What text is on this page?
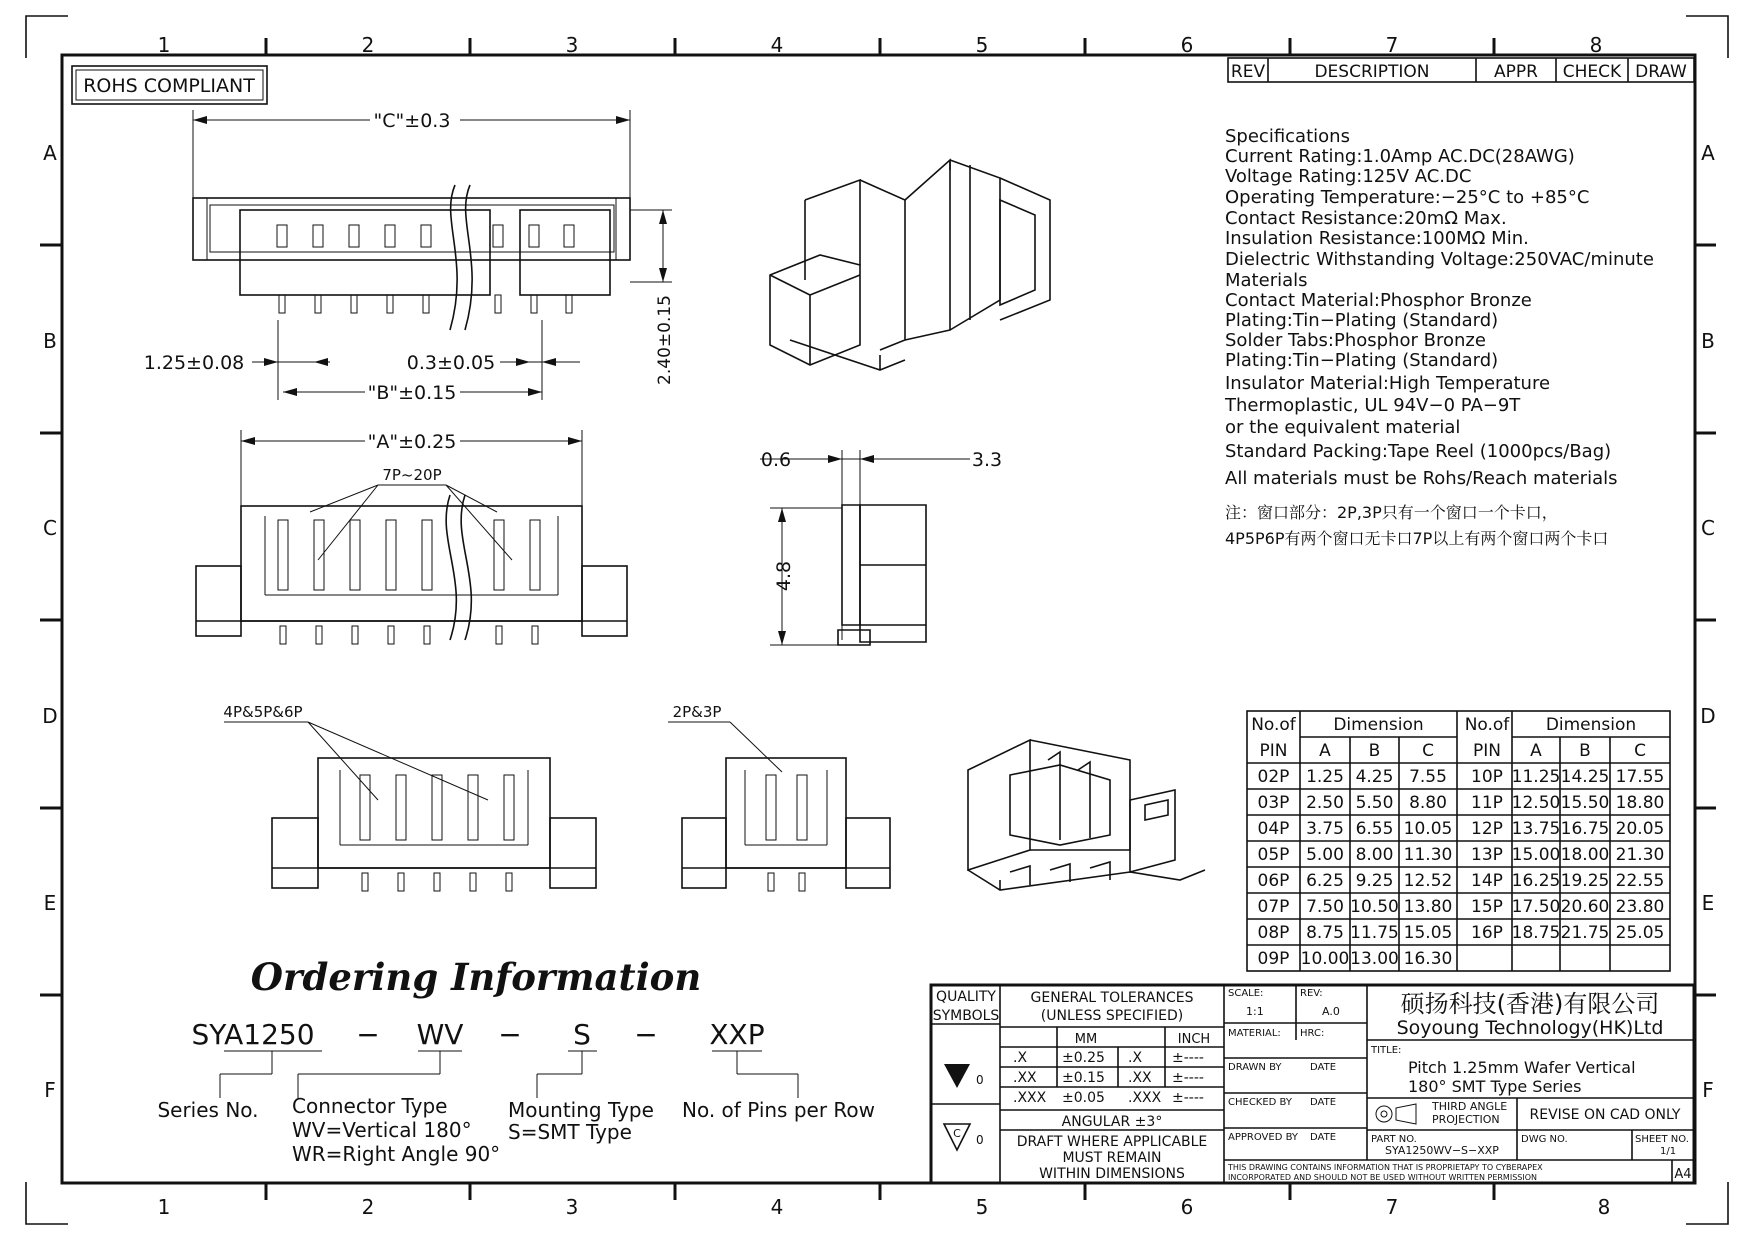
1	2	3	4	5	6	7	8
1	2	3	4	5	6	7	8
A
B
C
D
E
F
A
B
C
D
E
F
ROHS COMPLIANT
REV	DESCRIPTION	APPR CHECK DRAW
"C"±0.3
2.40±0.15
1.25±0.08	0.3±0.05
"B"±0.15
"A"±0.25
7P~20P
4P&5P&6P	2P&3P
0.6	3.3
4.8
Specifications
Current Rating:1.0Amp AC.DC(28AWG)
Voltage Rating:125V AC.DC
Operating Temperature:−25°C to +85°C
Contact Resistance:20mΩ Max.
Insulation Resistance:100MΩ Min.
Dielectric Withstanding Voltage:250VAC/minute
Materials
Contact Material:Phosphor Bronze
Plating:Tin−Plating (Standard)
Solder Tabs:Phosphor Bronze
Plating:Tin−Plating (Standard)
Insulator Material:High Temperature
Thermoplastic, UL 94V−0 PA−9T
or the equivalent material
Standard Packing:Tape Reel (1000pcs/Bag)
All materials must be Rohs/Reach materials
注：窗口部分：2P,3P只有一个窗口一个卡口，
4P5P6P有两个窗口无卡口7P以上有两个窗口两个卡口
No.of Dimension
PIN A B C
02P 1.25 4.25 7.55
03P 2.50 5.50 8.80
04P 3.75 6.55 10.05
05P 5.00 8.00 11.30
06P 6.25 9.25 12.52
07P 7.50 10.50 13.80
08P 8.75 11.75 15.05
09P 10.00 13.00 16.30
No.of Dimension
PIN A B	C
10P 11.25 14.25 17.55
11P 12.50 15.50 18.80
12P 13.75 16.75 20.05
13P 15.00 18.00 21.30
14P 16.25 19.25 22.55
15P 17.50 20.60 23.80
16P 18.75 21.75 25.05
Ordering Information
SYA1250 − WV − S − XXP
Series No. Connector Type
WV=Vertical 180°
WR=Right Angle 90°
Mounting Type
S=SMT Type
No. of Pins per Row
QUALITY
SYMBOLS
GENERAL TOLERANCES
(UNLESS SPECIFIED)
MM	INCH
.X ±0.25 .X ±----
.XX ±0.15 .XX ±----
.XXX ±0.05 .XXX ±----
ANGULAR ±3°
DRAFT WHERE APPLICABLE
MUST REMAIN
WITHIN DIMENSIONS
0
C 0
SCALE:
1:1
REV:
A.0
MATERIAL: HRC:
DRAWN BY	DATE
CHECKED BY DATE
APPROVED BY DATE
硕扬科技(香港)有限公司
Soyoung Technology(HK)Ltd
TITLE:
Pitch 1.25mm Wafer Vertical
180° SMT Type Series
THIRD ANGLE
PROJECTION REVISE ON CAD ONLY
PART NO.
SYA1250WV−S−XXP
DWG NO.	SHEET NO.
1/1
THIS DRAWING CONTAINS INFORMATION THAT IS PROPRIETAPY TO CYBERAPEX
INCORPORATED AND SHOULD NOT BE USED WITHOUT WRITTEN PERMISSION	A4
